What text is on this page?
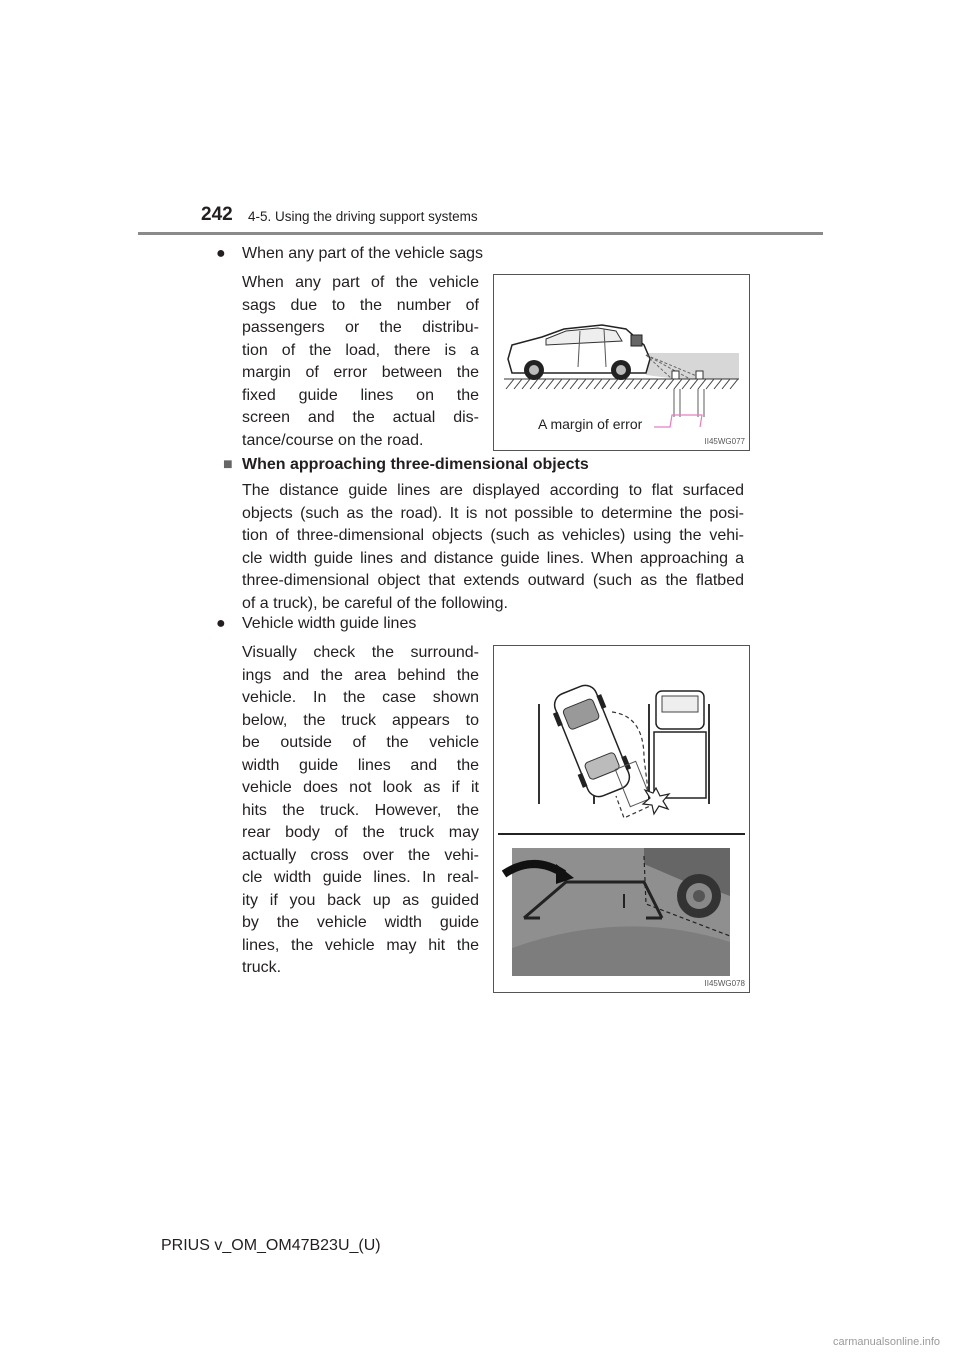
242 4-5. Using the driving support systems
● When any part of the vehicle sags
When any part of the vehicle
sags due to the number of
passengers or the distribu-
tion of the load, there is a
margin of error between the
fixed guide lines on the
screen and the actual dis-
tance/course on the road.
A margin of error
II45WG077
■ When approaching three-dimensional objects
The distance guide lines are displayed according to flat surfaced
objects (such as the road). It is not possible to determine the posi-
tion of three-dimensional objects (such as vehicles) using the vehi-
cle width guide lines and distance guide lines. When approaching a
three-dimensional object that extends outward (such as the flatbed
of a truck), be careful of the following.
● Vehicle width guide lines
Visually check the surround-
ings and the area behind the
vehicle. In the case shown
below, the truck appears to
be outside of the vehicle
width guide lines and the
vehicle does not look as if it
hits the truck. However, the
rear body of the truck may
actually cross over the vehi-
cle width guide lines. In real-
ity if you back up as guided
by the vehicle width guide
lines, the vehicle may hit the
truck.
II45WG078
PRIUS v_OM_OM47B23U_(U)
carmanualsonline.info
